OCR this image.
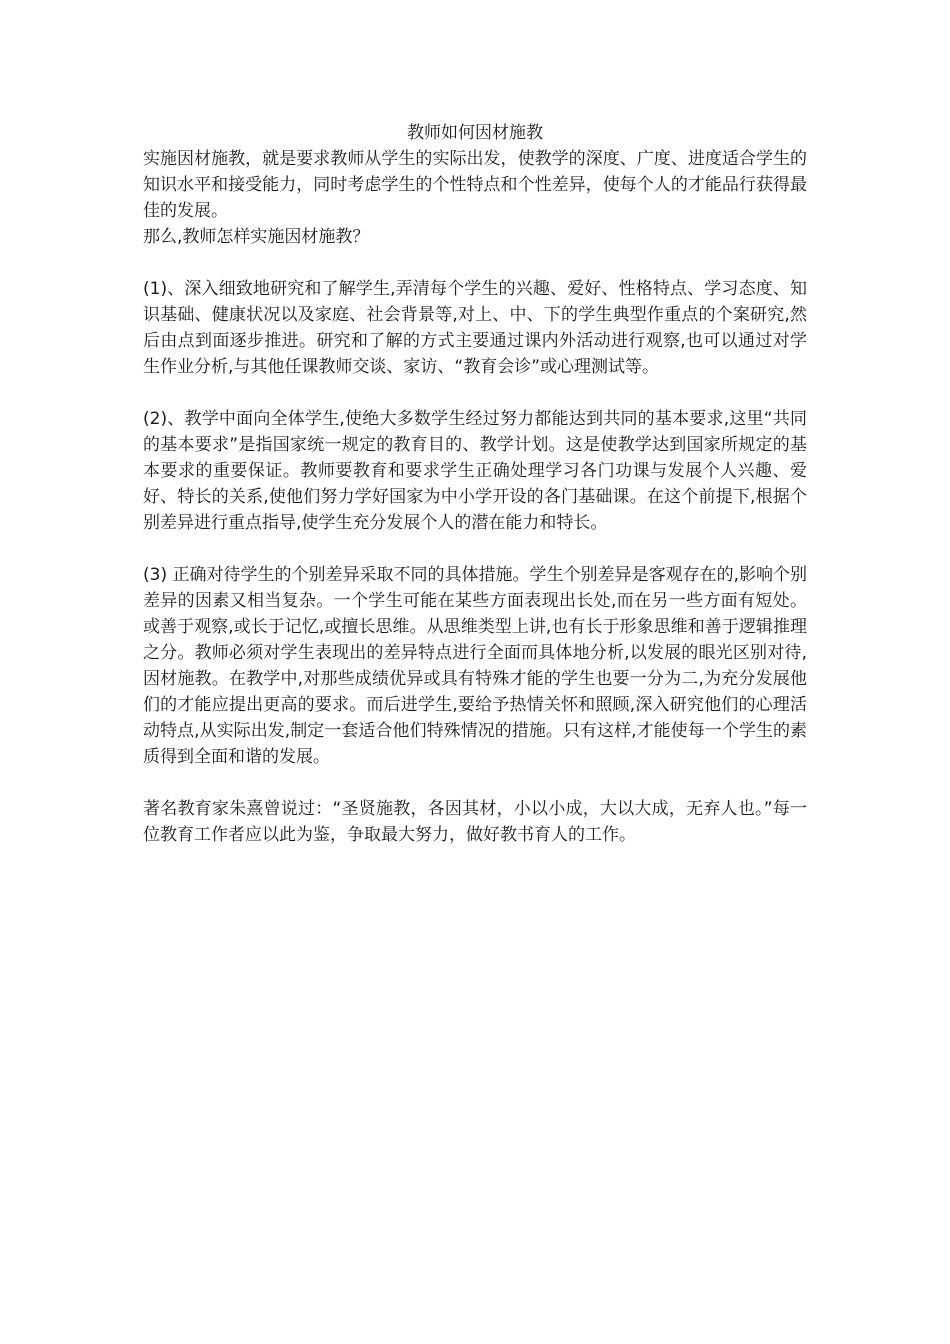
教师如何因材施教

实施因材施教，就是要求教师从学生的实际出发，使教学的深度、广度、进度适合学生的知识水平和接受能力，同时考虑学生的个性特点和个性差异，使每个人的才能品行获得最佳的发展。

那么,教师怎样实施因材施教？

(1)、深入细致地研究和了解学生,弄清每个学生的兴趣、爱好、性格特点、学习态度、知识基础、健康状况以及家庭、社会背景等,对上、中、下的学生典型作重点的个案研究,然后由点到面逐步推进。研究和了解的方式主要通过课内外活动进行观察,也可以通过对学生作业分析,与其他任课教师交谈、家访、“教育会诊”或心理测试等。

(2)、教学中面向全体学生,使绝大多数学生经过努力都能达到共同的基本要求,这里“共同的基本要求”是指国家统一规定的教育目的、教学计划。这是使教学达到国家所规定的基本要求的重要保证。教师要教育和要求学生正确处理学习各门功课与发展个人兴趣、爱好、特长的关系,使他们努力学好国家为中小学开设的各门基础课。在这个前提下,根据个别差异进行重点指导,使学生充分发展个人的潜在能力和特长。

(3) 正确对待学生的个别差异采取不同的具体措施。学生个别差异是客观存在的,影响个别差异的因素又相当复杂。一个学生可能在某些方面表现出长处,而在另一些方面有短处。或善于观察,或长于记忆,或擅长思维。从思维类型上讲,也有长于形象思维和善于逻辑推理之分。教师必须对学生表现出的差异特点进行全面而具体地分析,以发展的眼光区别对待,因材施教。在教学中,对那些成绩优异或具有特殊才能的学生也要一分为二,为充分发展他们的才能应提出更高的要求。而后进学生,要给予热情关怀和照顾,深入研究他们的心理活动特点,从实际出发,制定一套适合他们特殊情况的措施。只有这样,才能使每一个学生的素质得到全面和谐的发展。

著名教育家朱熹曾说过：“圣贤施教，各因其材，小以小成，大以大成，无弃人也。”每一位教育工作者应以此为鉴，争取最大努力，做好教书育人的工作。
